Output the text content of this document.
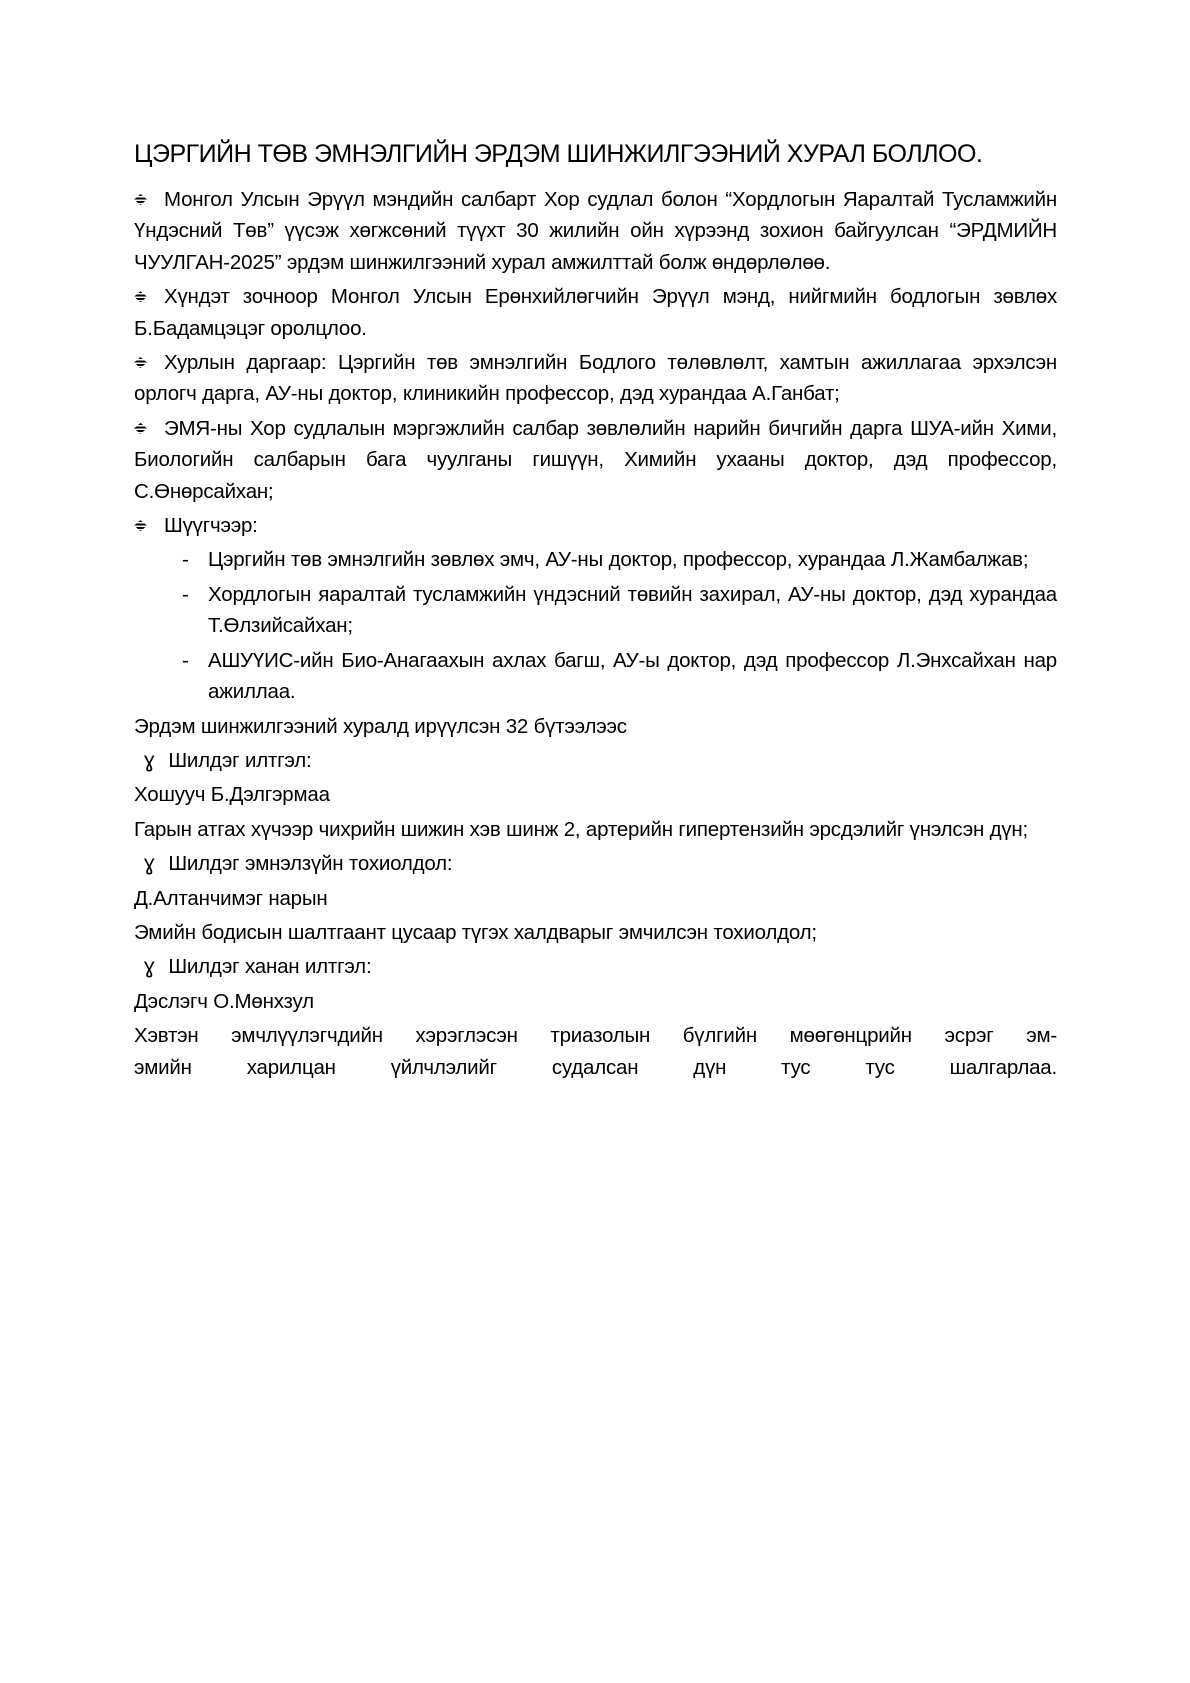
ЦЭРГИЙН ТӨВ ЭМНЭЛГИЙН ЭРДЭМ ШИНЖИЛГЭЭНИЙ ХУРАЛ БОЛЛОО.

Монгол Улсын Эрүүл мэндийн салбарт Хор судлал болон “Хордлогын Яаралтай Тусламжийн Үндэсний Төв” үүсэж хөгжсөний түүхт 30 жилийн ойн хүрээнд зохион байгуулсан “ЭРДМИЙН ЧУУЛГАН-2025” эрдэм шинжилгээний хурал амжилттай болж өндөрлөлөө.

Хүндэт зочноор Монгол Улсын Ерөнхийлөгчийн Эрүүл мэнд, нийгмийн бодлогын зөвлөх Б.Бадамцэцэг оролцлоо.

Хурлын даргаар: Цэргийн төв эмнэлгийн Бодлого төлөвлөлт, хамтын ажиллагаа эрхэлсэн орлогч дарга, АУ-ны доктор, клиникийн профессор, дэд хурандаа А.Ганбат;

ЭМЯ-ны Хор судлалын мэргэжлийн салбар зөвлөлийн нарийн бичгийн дарга ШУА-ийн Хими, Биологийн салбарын бага чуулганы гишүүн, Химийн ухааны доктор, дэд профессор, С.Өнөрсайхан;

Шүүгчээр:

- Цэргийн төв эмнэлгийн зөвлөх эмч, АУ-ны доктор, профессор, хурандаа Л.Жамбалжав;
- Хордлогын яаралтай тусламжийн үндэсний төвийн захирал, АУ-ны доктор, дэд хурандаа Т.Өлзийсайхан;
- АШУҮИС-ийн Био-Анагаахын ахлах багш, АУ-ы доктор, дэд профессор Л.Энхсайхан нар ажиллаа.

Эрдэм шинжилгээний хуралд ирүүлсэн 32 бүтээлээс

ɣ Шилдэг илтгэл:

Хошууч Б.Дэлгэрмаа

Гарын атгах хүчээр чихрийн шижин хэв шинж 2, артерийн гипертензийн эрсдэлийг үнэлсэн дүн;

ɣ Шилдэг эмнэлзүйн тохиолдол:

Д.Алтанчимэг нарын

Эмийн бодисын шалтгаант цусаар түгэх халдварыг эмчилсэн тохиолдол;

ɣ Шилдэг ханан илтгэл:

Дэслэгч О.Мөнхзул

Хэвтэн эмчлүүлэгчдийн хэрэглэсэн триазолын бүлгийн мөөгөнцрийн эсрэг эм-
эмийн харилцан үйлчлэлийг судалсан дүн тус тус шалгарлаа.
